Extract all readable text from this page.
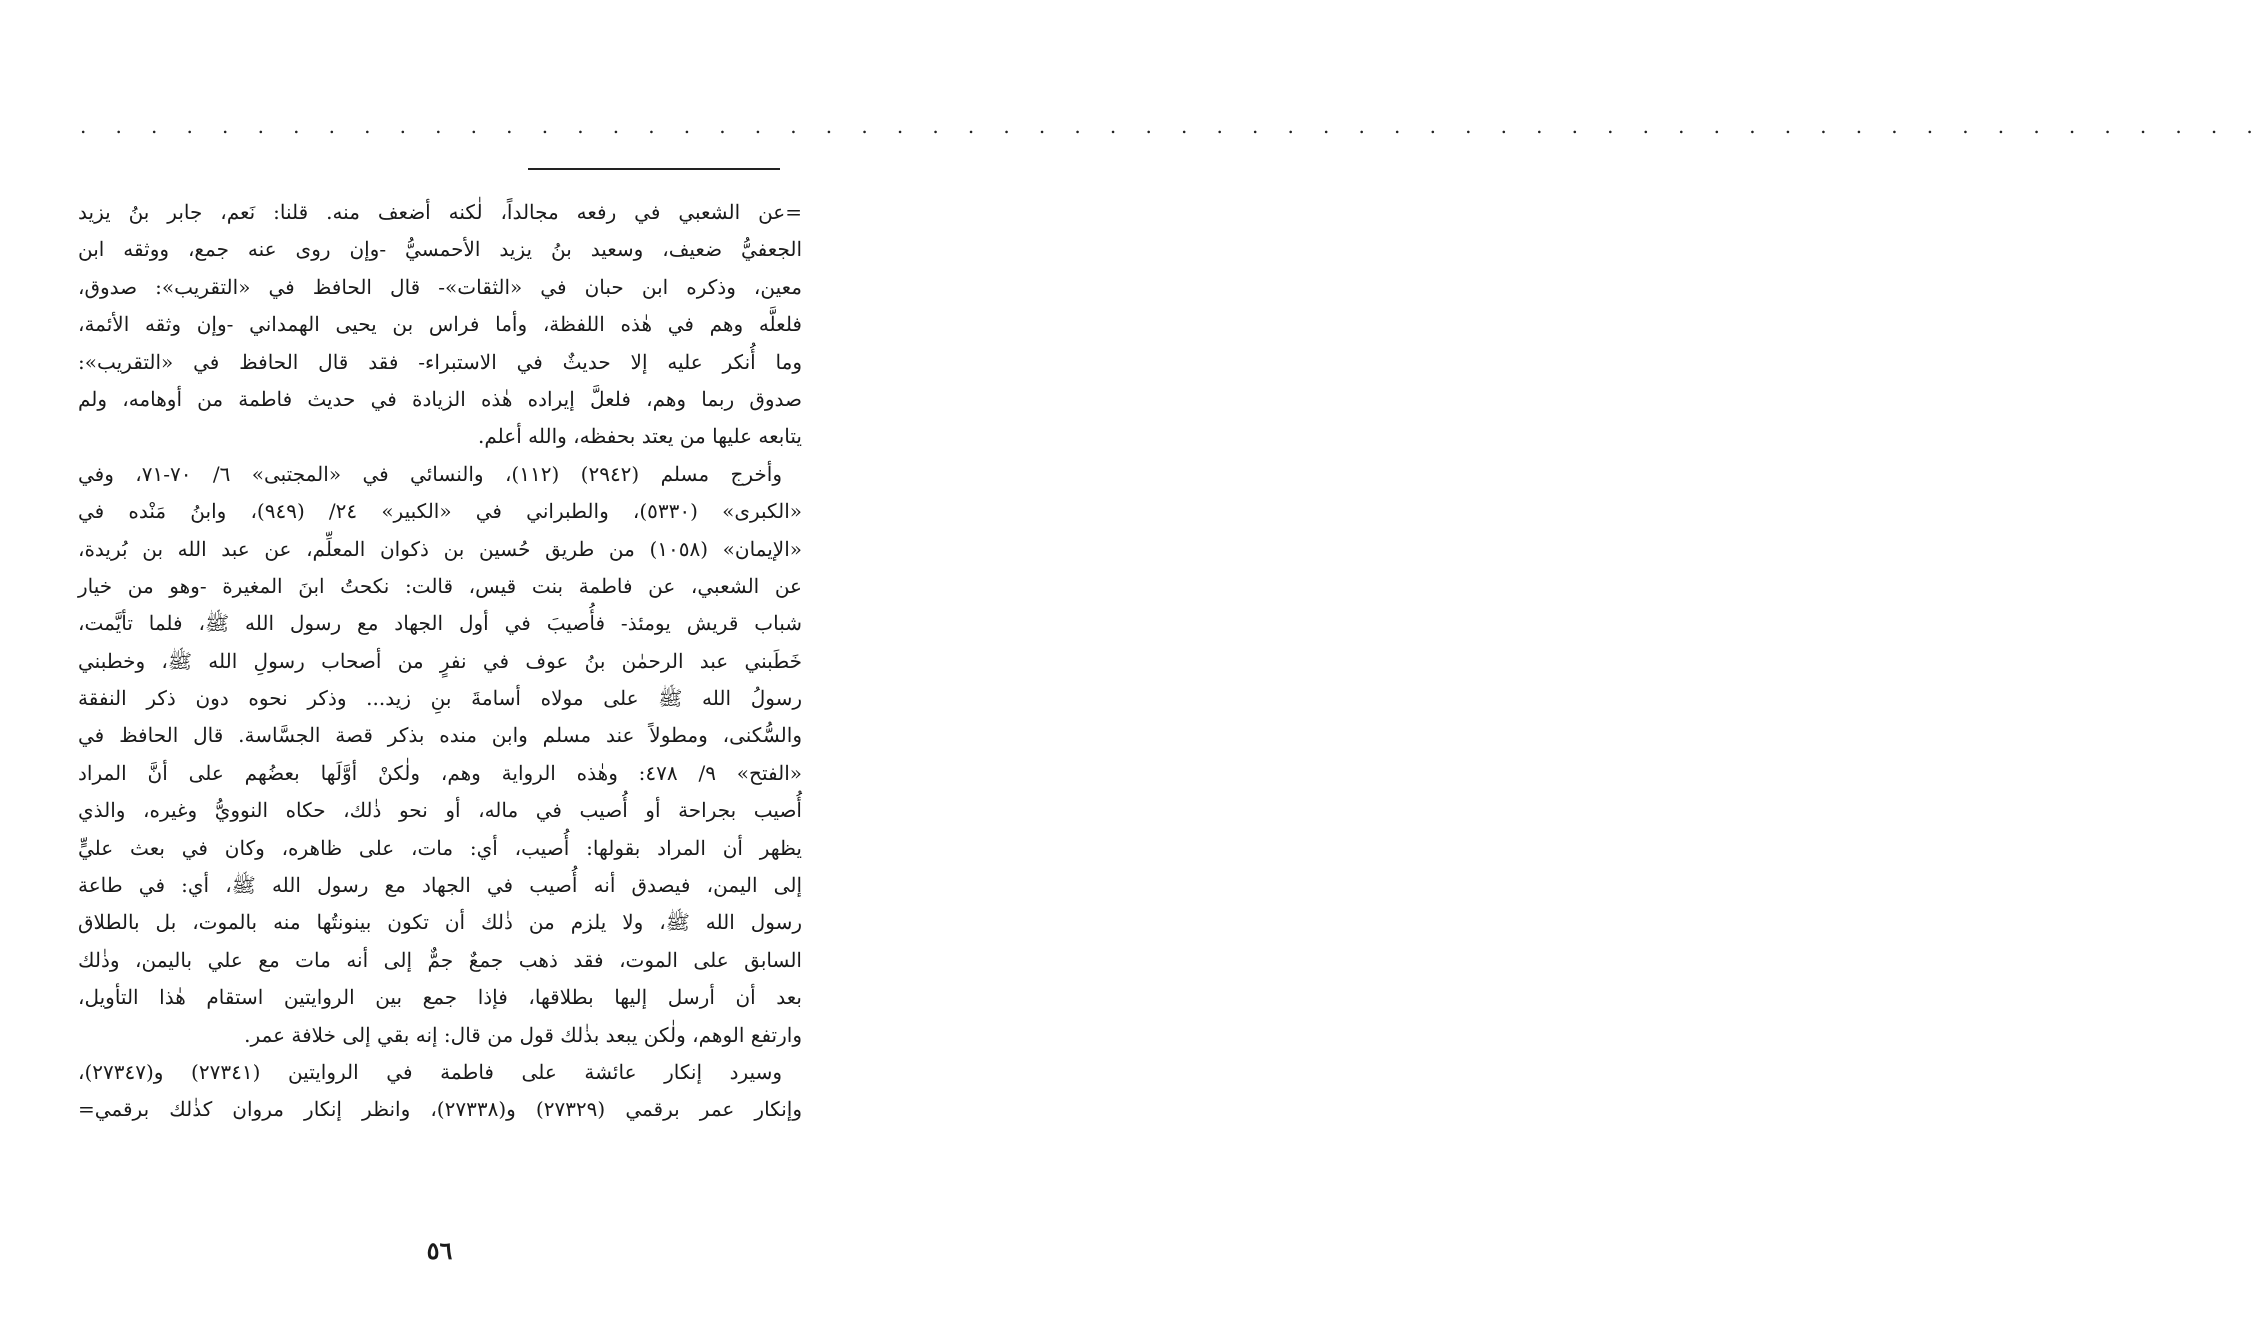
. . . . . . . . . . . . . . . . . . . . . . . . . . . . . . . . . . . . . . . . . . . . . . . . . . . . . . . . . . . . . .
=عن الشعبي في رفعه مجالداً، لٰكنه أضعف منه. قلنا: نَعم، جابر بنُ يزيد
الجعفيُّ ضعيف، وسعيد بنُ يزيد الأحمسيُّ -وإن روى عنه جمع، ووثقه ابن
معين، وذكره ابن حبان في «الثقات»- قال الحافظ في «التقريب»: صدوق،
فلعلَّه وهم في هٰذه اللفظة، وأما فراس بن يحيى الهمداني -وإن وثقه الأئمة،
وما أُنكر عليه إلا حديثٌ في الاستبراء- فقد قال الحافظ في «التقريب»:
صدوق ربما وهم، فلعلَّ إيراده هٰذه الزيادة في حديث فاطمة من أوهامه، ولم
يتابعه عليها من يعتد بحفظه، والله أعلم.
وأخرج مسلم (٢٩٤٢) (١١٢)، والنسائي في «المجتبى» ٦/ ٧٠-٧١، وفي
«الكبرى» (٥٣٣٠)، والطبراني في «الكبير» ٢٤/ (٩٤٩)، وابنُ مَنْده في
«الإيمان» (١٠٥٨) من طريق حُسين بن ذكوان المعلِّم، عن عبد الله بن بُريدة،
عن الشعبي، عن فاطمة بنت قيس، قالت: نكحتُ ابنَ المغيرة -وهو من خيار
شباب قريش يومئذ- فأُصيبَ في أول الجهاد مع رسول الله ﷺ، فلما تأيَّمت،
خَطَبني عبد الرحمٰن بنُ عوف في نفرٍ من أصحاب رسولِ الله ﷺ، وخطبني
رسولُ الله ﷺ على مولاه أسامةَ بنِ زيد... وذكر نحوه دون ذكر النفقة
والسُّكنى، ومطولاً عند مسلم وابن منده بذكر قصة الجسَّاسة. قال الحافظ في
«الفتح» ٩/ ٤٧٨: وهٰذه الرواية وهم، ولٰكنْ أوَّلَها بعضُهم على أنَّ المراد
أُصيب بجراحة أو أُصيب في ماله، أو نحو ذٰلك، حكاه النوويُّ وغيره، والذي
يظهر أن المراد بقولها: أُصيب، أي: مات، على ظاهره، وكان في بعث عليٍّ
إلى اليمن، فيصدق أنه أُصيب في الجهاد مع رسول الله ﷺ، أي: في طاعة
رسول الله ﷺ، ولا يلزم من ذٰلك أن تكون بينونتُها منه بالموت، بل بالطلاق
السابق على الموت، فقد ذهب جمعٌ جمٌّ إلى أنه مات مع علي باليمن، وذٰلك
بعد أن أرسل إليها بطلاقها، فإذا جمع بين الروايتين استقام هٰذا التأويل،
وارتفع الوهم، ولٰكن يبعد بذٰلك قول من قال: إنه بقي إلى خلافة عمر.
وسيرد إنكار عائشة على فاطمة في الروايتين (٢٧٣٤١) و(٢٧٣٤٧)،
وإنكار عمر برقمي (٢٧٣٢٩) و(٢٧٣٣٨)، وانظر إنكار مروان كذٰلك برقمي=
٥٦
